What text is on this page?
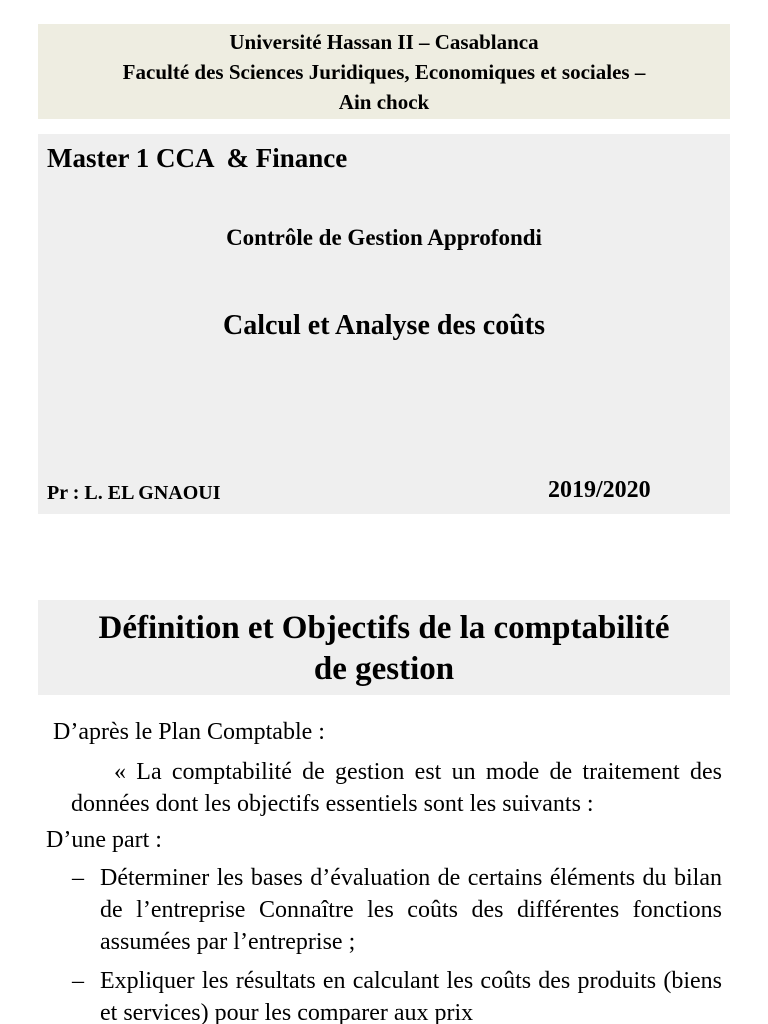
Université Hassan II – Casablanca
Faculté des Sciences Juridiques, Economiques et sociales –
Ain chock
Master 1 CCA  & Finance
Contrôle de Gestion Approfondi
Calcul et Analyse des coûts
Pr : L. EL GNAOUI	2019/2020
Définition et Objectifs de la comptabilité
de gestion

D’après le Plan Comptable :

« La comptabilité de gestion est un mode de traitement des données dont les objectifs essentiels sont les suivants :

D’une part :

– Déterminer les bases d’évaluation de certains éléments du bilan de l’entreprise Connaître les coûts des différentes fonctions assumées par l’entreprise ;
– Expliquer les résultats en calculant les coûts des produits (biens et services) pour les comparer aux prix
